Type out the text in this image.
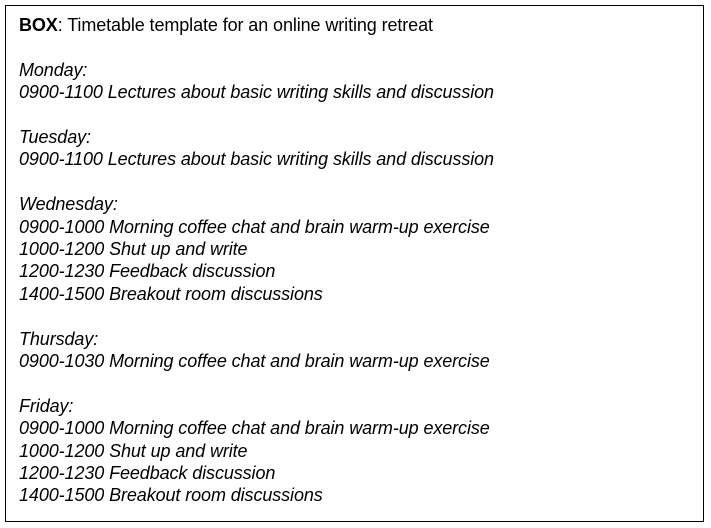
BOX: Timetable template for an online writing retreat
Monday:
0900-1100 Lectures about basic writing skills and discussion
Tuesday:
0900-1100 Lectures about basic writing skills and discussion
Wednesday:
0900-1000 Morning coffee chat and brain warm-up exercise
1000-1200 Shut up and write
1200-1230 Feedback discussion
1400-1500 Breakout room discussions
Thursday:
0900-1030 Morning coffee chat and brain warm-up exercise
Friday:
0900-1000 Morning coffee chat and brain warm-up exercise
1000-1200 Shut up and write
1200-1230 Feedback discussion
1400-1500 Breakout room discussions
